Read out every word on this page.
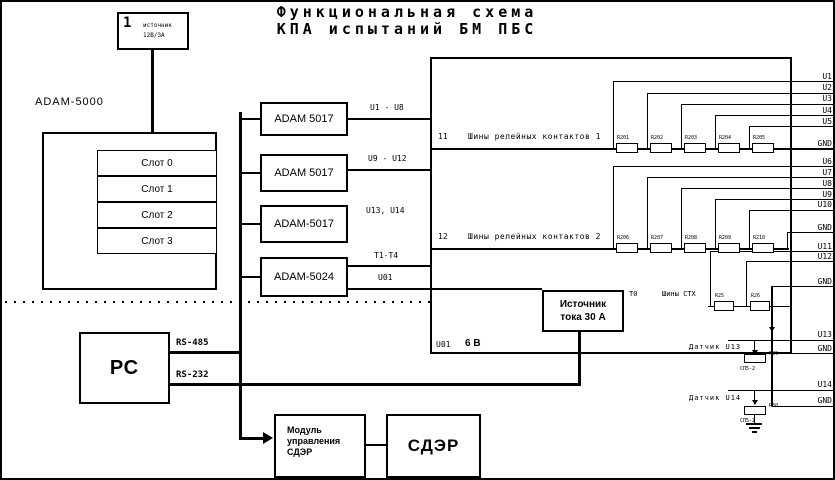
Функциональная схема
КПА испытаний БМ ПБС
1 источник
12В/3А
ADAM-5000
Слот 0
Слот 1
Слот 2
Слот 3
ADAM 5017
ADAM 5017
ADAM-5017
ADAM-5024
U1 - U8
U9 - U12
U13, U14
Т1-Т4
U01
11	Шины релейных контактов 1	R201	R202	R203	R204	R205
12	Шины релейных контактов 2	R206	R207	R208	R209	R210
Т0	Шины СТХ	R25	R26
U01 6 В
Источник
тока 30 А
Датчик U13
R29
СП5-2
Датчик U14
R30
СП5-2
U1
U2
U3
U4
U5
GND
U6
U7
U8
U9
U10
GND
U11
U12
GND
U13
GND
U14
GND
РС
RS-485
RS-232
Модуль
управления
СДЭР	СДЭР
